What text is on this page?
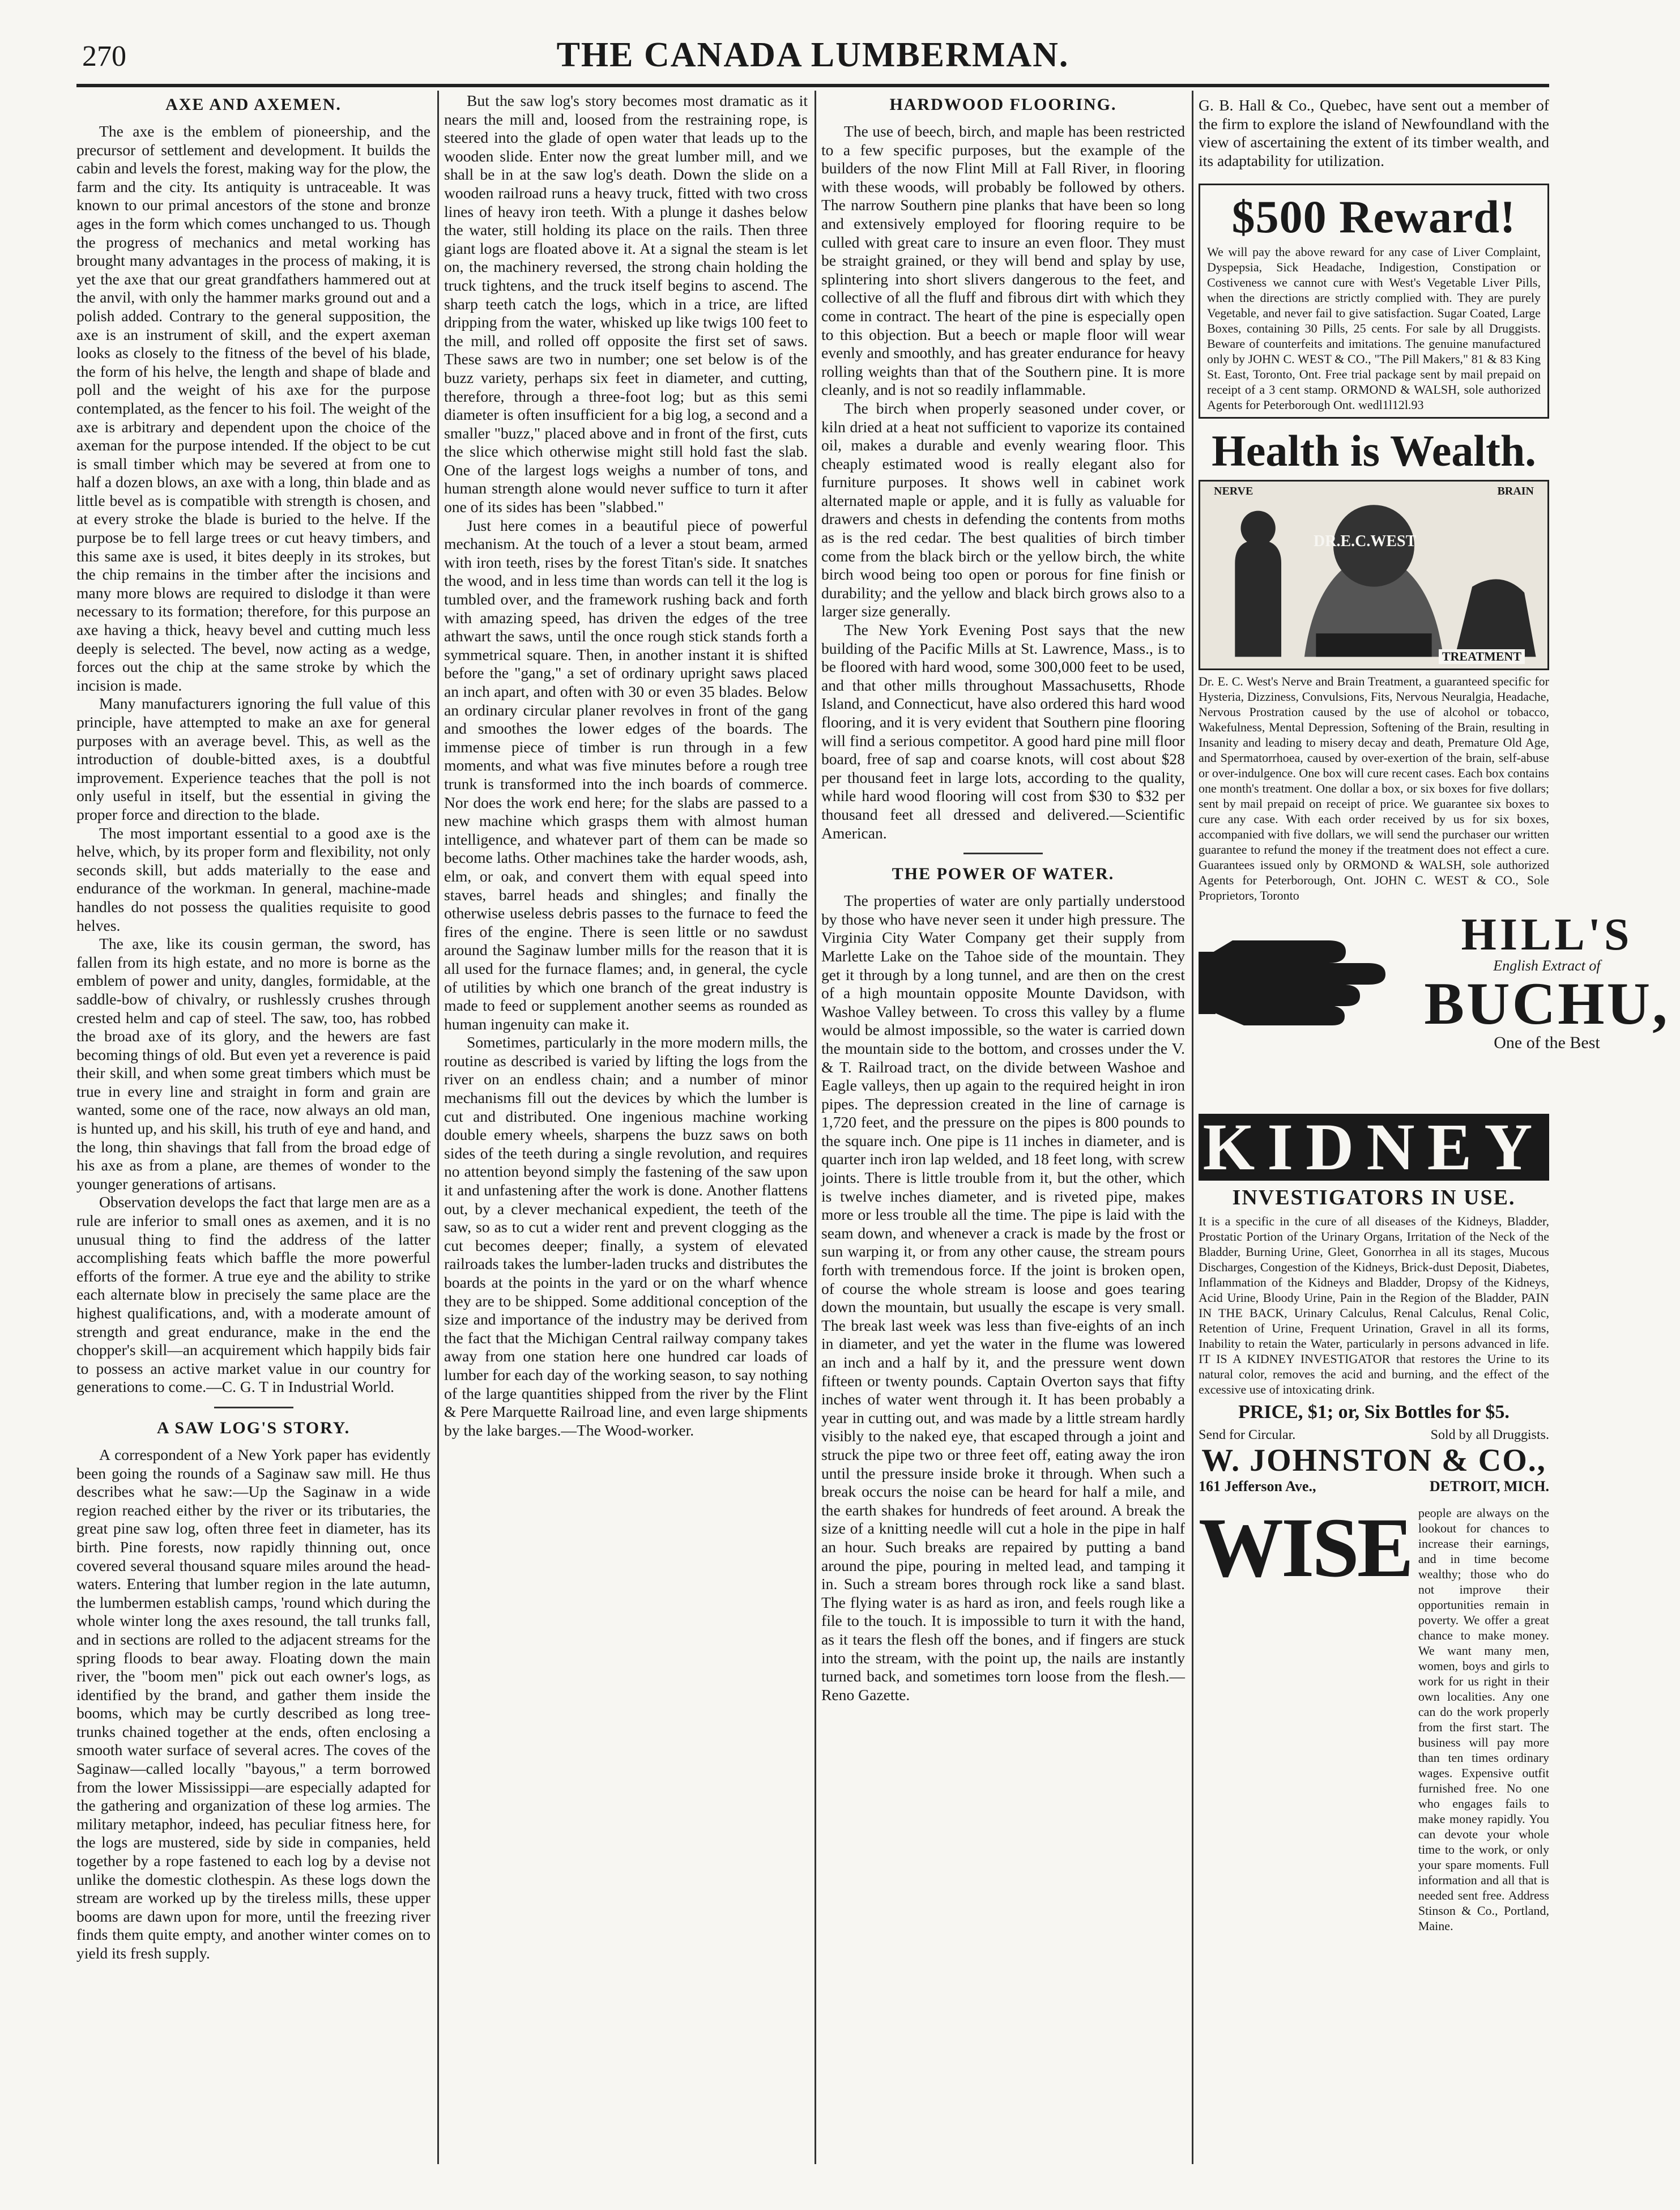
270	THE CANADA LUMBERMAN.
AXE AND AXEMEN.

The axe is the emblem of pioneership, and the precursor of settlement and development. It builds the cabin and levels the forest, making way for the plow, the farm and the city. Its antiquity is untraceable. It was known to our primal ancestors of the stone and bronze ages in the form which comes unchanged to us. Though the progress of mechanics and metal working has brought many advantages in the process of making, it is yet the axe that our great grandfathers hammered out at the anvil, with only the hammer marks ground out and a polish added. Contrary to the general supposition, the axe is an instrument of skill, and the expert axeman looks as closely to the fitness of the bevel of his blade, the form of his helve, the length and shape of blade and poll and the weight of his axe for the purpose contemplated, as the fencer to his foil. The weight of the axe is arbitrary and dependent upon the choice of the axeman for the purpose intended. If the object to be cut is small timber which may be severed at from one to half a dozen blows, an axe with a long, thin blade and as little bevel as is compatible with strength is chosen, and at every stroke the blade is buried to the helve. If the purpose be to fell large trees or cut heavy timbers, and this same axe is used, it bites deeply in its strokes, but the chip remains in the timber after the incisions and many more blows are required to dislodge it than were necessary to its formation; therefore, for this purpose an axe having a thick, heavy bevel and cutting much less deeply is selected. The bevel, now acting as a wedge, forces out the chip at the same stroke by which the incision is made.

Many manufacturers ignoring the full value of this principle, have attempted to make an axe for general purposes with an average bevel. This, as well as the introduction of double-bitted axes, is a doubtful improvement. Experience teaches that the poll is not only useful in itself, but the essential in giving the proper force and direction to the blade.

The most important essential to a good axe is the helve, which, by its proper form and flexibility, not only seconds skill, but adds materially to the ease and endurance of the workman. In general, machine-made handles do not possess the qualities requisite to good helves.

The axe, like its cousin german, the sword, has fallen from its high estate, and no more is borne as the emblem of power and unity, dangles, formidable, at the saddle-bow of chivalry, or rushlessly crushes through crested helm and cap of steel. The saw, too, has robbed the broad axe of its glory, and the hewers are fast becoming things of old. But even yet a reverence is paid their skill, and when some great timbers which must be true in every line and straight in form and grain are wanted, some one of the race, now always an old man, is hunted up, and his skill, his truth of eye and hand, and the long, thin shavings that fall from the broad edge of his axe as from a plane, are themes of wonder to the younger generations of artisans.

Observation develops the fact that large men are as a rule are inferior to small ones as axemen, and it is no unusual thing to find the address of the latter accomplishing feats which baffle the more powerful efforts of the former. A true eye and the ability to strike each alternate blow in precisely the same place are the highest qualifications, and, with a moderate amount of strength and great endurance, make in the end the chopper's skill—an acquirement which happily bids fair to possess an active market value in our country for generations to come.—C. G. T in Industrial World.

A SAW LOG'S STORY.

A correspondent of a New York paper has evidently been going the rounds of a Saginaw saw mill. He thus describes what he saw:—Up the Saginaw in a wide region reached either by the river or its tributaries, the great pine saw log, often three feet in diameter, has its birth. Pine forests, now rapidly thinning out, once covered several thousand square miles around the head-waters. Entering that lumber region in the late autumn, the lumbermen establish camps, 'round which during the whole winter long the axes resound, the tall trunks fall, and in sections are rolled to the adjacent streams for the spring floods to bear away. Floating down the main river, the "boom men" pick out each owner's logs, as identified by the brand, and gather them inside the booms, which may be curtly described as long tree-trunks chained together at the ends, often enclosing a smooth water surface of several acres. The coves of the Saginaw—called locally "bayous," a term borrowed from the lower Mississippi—are especially adapted for the gathering and organization of these log armies. The military metaphor, indeed, has peculiar fitness here, for the logs are mustered, side by side in companies, held together by a rope fastened to each log by a devise not unlike the domestic clothespin. As these logs down the stream are worked up by the tireless mills, these upper booms are dawn upon for more, until the freezing river finds them quite empty, and another winter comes on to yield its fresh supply.

But the saw log's story becomes most dramatic as it nears the mill and, loosed from the restraining rope, is steered into the glade of open water that leads up to the wooden slide. Enter now the great lumber mill, and we shall be in at the saw log's death. Down the slide on a wooden railroad runs a heavy truck, fitted with two cross lines of heavy iron teeth. With a plunge it dashes below the water, still holding its place on the rails. Then three giant logs are floated above it. At a signal the steam is let on, the machinery reversed, the strong chain holding the truck tightens, and the truck itself begins to ascend. The sharp teeth catch the logs, which in a trice, are lifted dripping from the water, whisked up like twigs 100 feet to the mill, and rolled off opposite the first set of saws. These saws are two in number; one set below is of the buzz variety, perhaps six feet in diameter, and cutting, therefore, through a three-foot log; but as this semi diameter is often insufficient for a big log, a second and a smaller "buzz," placed above and in front of the first, cuts the slice which otherwise might still hold fast the slab. One of the largest logs weighs a number of tons, and human strength alone would never suffice to turn it after one of its sides has been "slabbed."

Just here comes in a beautiful piece of powerful mechanism. At the touch of a lever a stout beam, armed with iron teeth, rises by the forest Titan's side. It snatches the wood, and in less time than words can tell it the log is tumbled over, and the framework rushing back and forth with amazing speed, has driven the edges of the tree athwart the saws, until the once rough stick stands forth a symmetrical square. Then, in another instant it is shifted before the "gang," a set of ordinary upright saws placed an inch apart, and often with 30 or even 35 blades. Below an ordinary circular planer revolves in front of the gang and smoothes the lower edges of the boards. The immense piece of timber is run through in a few moments, and what was five minutes before a rough tree trunk is transformed into the inch boards of commerce. Nor does the work end here; for the slabs are passed to a new machine which grasps them with almost human intelligence, and whatever part of them can be made so become laths. Other machines take the harder woods, ash, elm, or oak, and convert them with equal speed into staves, barrel heads and shingles; and finally the otherwise useless debris passes to the furnace to feed the fires of the engine. There is seen little or no sawdust around the Saginaw lumber mills for the reason that it is all used for the furnace flames; and, in general, the cycle of utilities by which one branch of the great industry is made to feed or supplement another seems as rounded as human ingenuity can make it.

Sometimes, particularly in the more modern mills, the routine as described is varied by lifting the logs from the river on an endless chain; and a number of minor mechanisms fill out the devices by which the lumber is cut and distributed. One ingenious machine working double emery wheels, sharpens the buzz saws on both sides of the teeth during a single revolution, and requires no attention beyond simply the fastening of the saw upon it and unfastening after the work is done. Another flattens out, by a clever mechanical expedient, the teeth of the saw, so as to cut a wider rent and prevent clogging as the cut becomes deeper; finally, a system of elevated railroads takes the lumber-laden trucks and distributes the boards at the points in the yard or on the wharf whence they are to be shipped. Some additional conception of the size and importance of the industry may be derived from the fact that the Michigan Central railway company takes away from one station here one hundred car loads of lumber for each day of the working season, to say nothing of the large quantities shipped from the river by the Flint & Pere Marquette Railroad line, and even large shipments by the lake barges.—The Wood-worker.

HARDWOOD FLOORING.

The use of beech, birch, and maple has been restricted to a few specific purposes, but the example of the builders of the now Flint Mill at Fall River, in flooring with these woods, will probably be followed by others. The narrow Southern pine planks that have been so long and extensively employed for flooring require to be culled with great care to insure an even floor. They must be straight grained, or they will bend and splay by use, splintering into short slivers dangerous to the feet, and collective of all the fluff and fibrous dirt with which they come in contract. The heart of the pine is especially open to this objection. But a beech or maple floor will wear evenly and smoothly, and has greater endurance for heavy rolling weights than that of the Southern pine. It is more cleanly, and is not so readily inflammable.

The birch when properly seasoned under cover, or kiln dried at a heat not sufficient to vaporize its contained oil, makes a durable and evenly wearing floor. This cheaply estimated wood is really elegant also for furniture purposes. It shows well in cabinet work alternated maple or apple, and it is fully as valuable for drawers and chests in defending the contents from moths as is the red cedar. The best qualities of birch timber come from the black birch or the yellow birch, the white birch wood being too open or porous for fine finish or durability; and the yellow and black birch grows also to a larger size generally.

The New York Evening Post says that the new building of the Pacific Mills at St. Lawrence, Mass., is to be floored with hard wood, some 300,000 feet to be used, and that other mills throughout Massachusetts, Rhode Island, and Connecticut, have also ordered this hard wood flooring, and it is very evident that Southern pine flooring will find a serious competitor. A good hard pine mill floor board, free of sap and coarse knots, will cost about $28 per thousand feet in large lots, according to the quality, while hard wood flooring will cost from $30 to $32 per thousand feet all dressed and delivered.—Scientific American.

THE POWER OF WATER.

The properties of water are only partially understood by those who have never seen it under high pressure. The Virginia City Water Company get their supply from Marlette Lake on the Tahoe side of the mountain. They get it through by a long tunnel, and are then on the crest of a high mountain opposite Mounte Davidson, with Washoe Valley between. To cross this valley by a flume would be almost impossible, so the water is carried down the mountain side to the bottom, and crosses under the V. & T. Railroad tract, on the divide between Washoe and Eagle valleys, then up again to the required height in iron pipes. The depression created in the line of carnage is 1,720 feet, and the pressure on the pipes is 800 pounds to the square inch. One pipe is 11 inches in diameter, and is quarter inch iron lap welded, and 18 feet long, with screw joints. There is little trouble from it, but the other, which is twelve inches diameter, and is riveted pipe, makes more or less trouble all the time. The pipe is laid with the seam down, and whenever a crack is made by the frost or sun warping it, or from any other cause, the stream pours forth with tremendous force. If the joint is broken open, of course the whole stream is loose and goes tearing down the mountain, but usually the escape is very small. The break last week was less than five-eights of an inch in diameter, and yet the water in the flume was lowered an inch and a half by it, and the pressure went down fifteen or twenty pounds. Captain Overton says that fifty inches of water went through it. It has been probably a year in cutting out, and was made by a little stream hardly visibly to the naked eye, that escaped through a joint and struck the pipe two or three feet off, eating away the iron until the pressure inside broke it through. When such a break occurs the noise can be heard for half a mile, and the earth shakes for hundreds of feet around. A break the size of a knitting needle will cut a hole in the pipe in half an hour. Such breaks are repaired by putting a band around the pipe, pouring in melted lead, and tamping it in. Such a stream bores through rock like a sand blast. The flying water is as hard as iron, and feels rough like a file to the touch. It is impossible to turn it with the hand, as it tears the flesh off the bones, and if fingers are stuck into the stream, with the point up, the nails are instantly turned back, and sometimes torn loose from the flesh.—Reno Gazette.

G. B. Hall & Co., Quebec, have sent out a member of the firm to explore the island of Newfoundland with the view of ascertaining the extent of its timber wealth, and its adaptability for utilization.

$500 Reward!
We will pay the above reward for any case of Liver Complaint, Dyspepsia, Sick Headache, Indigestion, Constipation or Costiveness we cannot cure with West's Vegetable Liver Pills, when the directions are strictly complied with. They are purely Vegetable, and never fail to give satisfaction. Sugar Coated, Large Boxes, containing 30 Pills, 25 cents. For sale by all Druggists. Beware of counterfeits and imitations. The genuine manufactured only by JOHN C. WEST & CO., "The Pill Makers," 81 & 83 King St. East, Toronto, Ont. Free trial package sent by mail prepaid on receipt of a 3 cent stamp. ORMOND & WALSH, sole authorized Agents for Peterborough Ont. wedl1l12l.93
Health is Wealth.
NERVE	BRAIN
DR.E.C.WEST
TREATMENT
Dr. E. C. West's Nerve and Brain Treatment, a guaranteed specific for Hysteria, Dizziness, Convulsions, Fits, Nervous Neuralgia, Headache, Nervous Prostration caused by the use of alcohol or tobacco, Wakefulness, Mental Depression, Softening of the Brain, resulting in Insanity and leading to misery decay and death, Premature Old Age, and Spermatorrhoea, caused by over-exertion of the brain, self-abuse or over-indulgence. One box will cure recent cases. Each box contains one month's treatment. One dollar a box, or six boxes for five dollars; sent by mail prepaid on receipt of price. We guarantee six boxes to cure any case. With each order received by us for six boxes, accompanied with five dollars, we will send the purchaser our written guarantee to refund the money if the treatment does not effect a cure. Guarantees issued only by ORMOND & WALSH, sole authorized Agents for Peterborough, Ont. JOHN C. WEST & CO., Sole Proprietors, Toronto
HILL'S
English Extract of
BUCHU,
One of the Best
KIDNEY
INVESTIGATORS IN USE.
It is a specific in the cure of all diseases of the Kidneys, Bladder, Prostatic Portion of the Urinary Organs, Irritation of the Neck of the Bladder, Burning Urine, Gleet, Gonorrhea in all its stages, Mucous Discharges, Congestion of the Kidneys, Brick-dust Deposit, Diabetes, Inflammation of the Kidneys and Bladder, Dropsy of the Kidneys, Acid Urine, Bloody Urine, Pain in the Region of the Bladder, PAIN IN THE BACK, Urinary Calculus, Renal Calculus, Renal Colic, Retention of Urine, Frequent Urination, Gravel in all its forms, Inability to retain the Water, particularly in persons advanced in life. IT IS A KIDNEY INVESTIGATOR that restores the Urine to its natural color, removes the acid and burning, and the effect of the excessive use of intoxicating drink.
PRICE, $1; or, Six Bottles for $5.
Send for Circular.	Sold by all Druggists.
W. JOHNSTON & CO.,
161 Jefferson Ave.,	DETROIT, MICH.
WISE people are always on the lookout for chances to increase their earnings, and in time become wealthy; those who do not improve their opportunities remain in poverty. We offer a great chance to make money. We want many men, women, boys and girls to work for us right in their own localities. Any one can do the work properly from the first start. The business will pay more than ten times ordinary wages. Expensive outfit furnished free. No one who engages fails to make money rapidly. You can devote your whole time to the work, or only your spare moments. Full information and all that is needed sent free. Address Stinson & Co., Portland, Maine.
